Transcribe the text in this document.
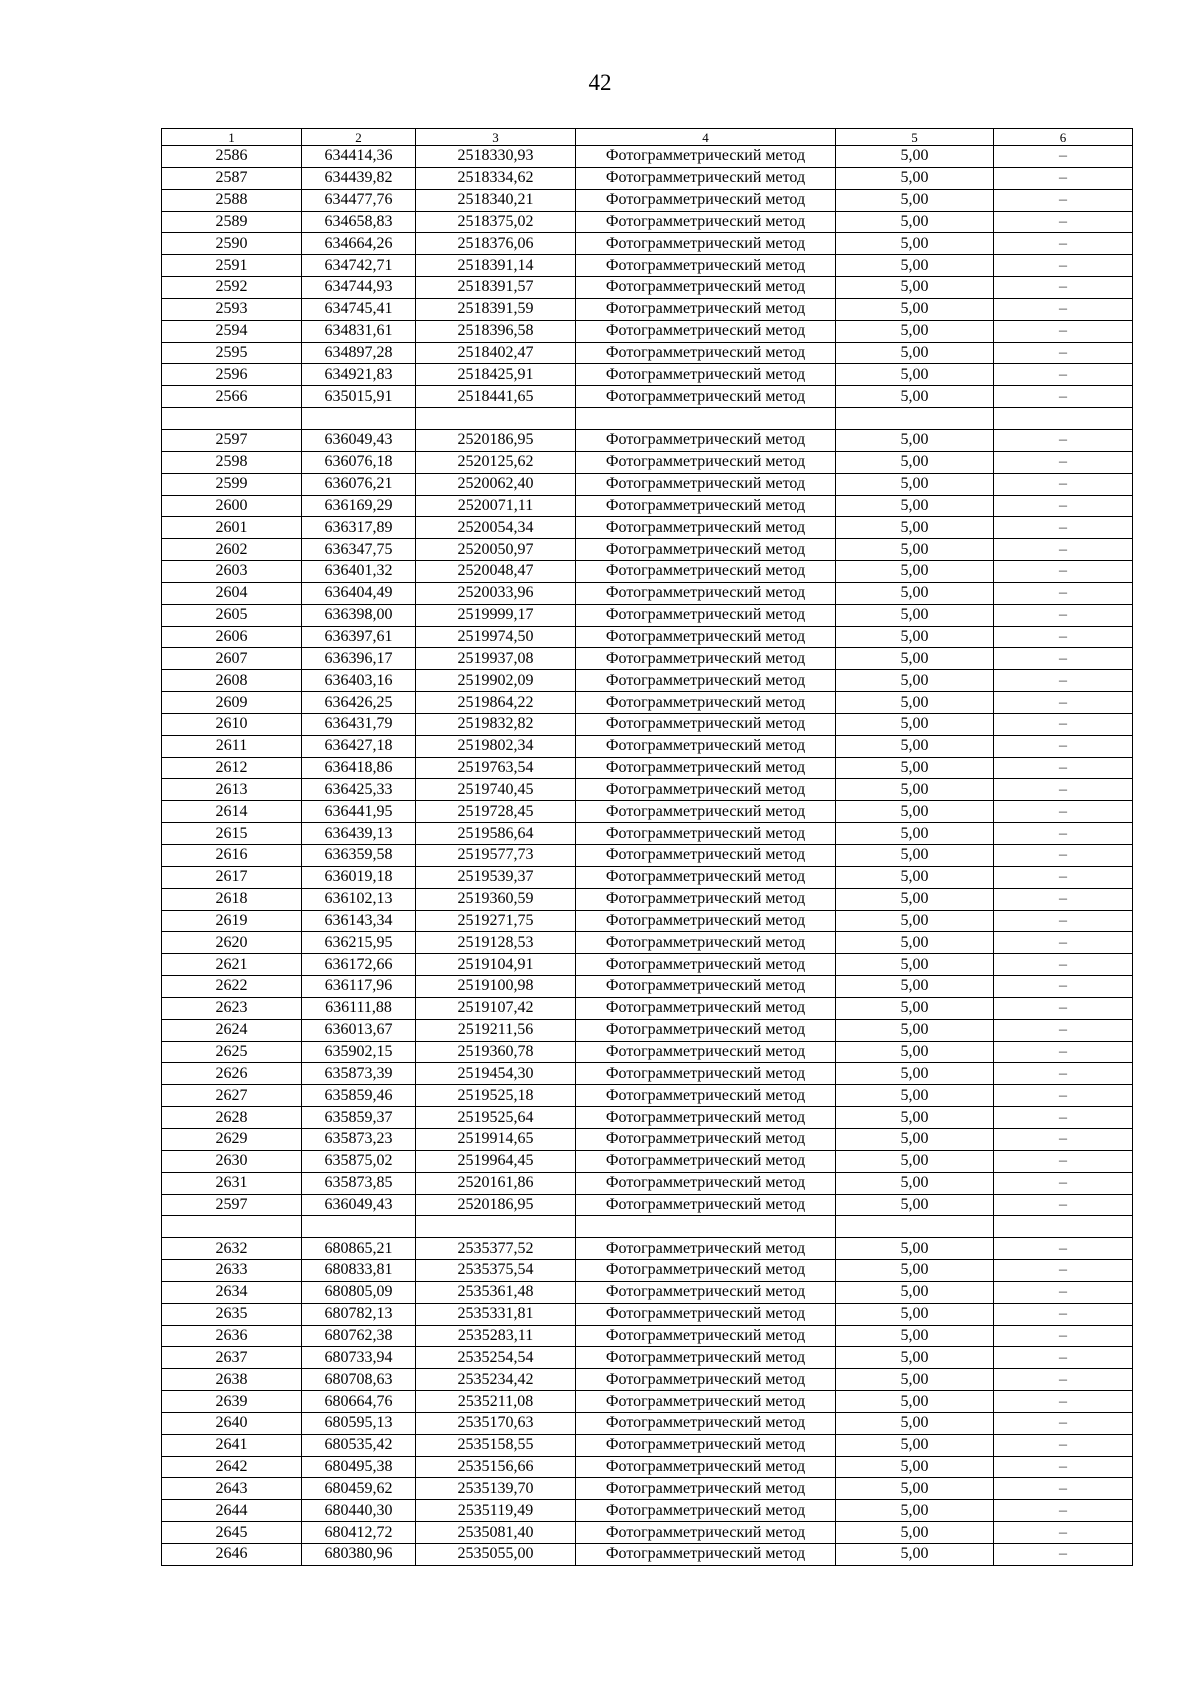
42
1	2	3	4	5	6
2586	634414,36	2518330,93	Фотограмметрический метод	5,00	–
2587	634439,82	2518334,62	Фотограмметрический метод	5,00	–
2588	634477,76	2518340,21	Фотограмметрический метод	5,00	–
2589	634658,83	2518375,02	Фотограмметрический метод	5,00	–
2590	634664,26	2518376,06	Фотограмметрический метод	5,00	–
2591	634742,71	2518391,14	Фотограмметрический метод	5,00	–
2592	634744,93	2518391,57	Фотограмметрический метод	5,00	–
2593	634745,41	2518391,59	Фотограмметрический метод	5,00	–
2594	634831,61	2518396,58	Фотограмметрический метод	5,00	–
2595	634897,28	2518402,47	Фотограмметрический метод	5,00	–
2596	634921,83	2518425,91	Фотограмметрический метод	5,00	–
2566	635015,91	2518441,65	Фотограмметрический метод	5,00	–

2597	636049,43	2520186,95	Фотограмметрический метод	5,00	–
2598	636076,18	2520125,62	Фотограмметрический метод	5,00	–
2599	636076,21	2520062,40	Фотограмметрический метод	5,00	–
2600	636169,29	2520071,11	Фотограмметрический метод	5,00	–
2601	636317,89	2520054,34	Фотограмметрический метод	5,00	–
2602	636347,75	2520050,97	Фотограмметрический метод	5,00	–
2603	636401,32	2520048,47	Фотограмметрический метод	5,00	–
2604	636404,49	2520033,96	Фотограмметрический метод	5,00	–
2605	636398,00	2519999,17	Фотограмметрический метод	5,00	–
2606	636397,61	2519974,50	Фотограмметрический метод	5,00	–
2607	636396,17	2519937,08	Фотограмметрический метод	5,00	–
2608	636403,16	2519902,09	Фотограмметрический метод	5,00	–
2609	636426,25	2519864,22	Фотограмметрический метод	5,00	–
2610	636431,79	2519832,82	Фотограмметрический метод	5,00	–
2611	636427,18	2519802,34	Фотограмметрический метод	5,00	–
2612	636418,86	2519763,54	Фотограмметрический метод	5,00	–
2613	636425,33	2519740,45	Фотограмметрический метод	5,00	–
2614	636441,95	2519728,45	Фотограмметрический метод	5,00	–
2615	636439,13	2519586,64	Фотограмметрический метод	5,00	–
2616	636359,58	2519577,73	Фотограмметрический метод	5,00	–
2617	636019,18	2519539,37	Фотограмметрический метод	5,00	–
2618	636102,13	2519360,59	Фотограмметрический метод	5,00	–
2619	636143,34	2519271,75	Фотограмметрический метод	5,00	–
2620	636215,95	2519128,53	Фотограмметрический метод	5,00	–
2621	636172,66	2519104,91	Фотограмметрический метод	5,00	–
2622	636117,96	2519100,98	Фотограмметрический метод	5,00	–
2623	636111,88	2519107,42	Фотограмметрический метод	5,00	–
2624	636013,67	2519211,56	Фотограмметрический метод	5,00	–
2625	635902,15	2519360,78	Фотограмметрический метод	5,00	–
2626	635873,39	2519454,30	Фотограмметрический метод	5,00	–
2627	635859,46	2519525,18	Фотограмметрический метод	5,00	–
2628	635859,37	2519525,64	Фотограмметрический метод	5,00	–
2629	635873,23	2519914,65	Фотограмметрический метод	5,00	–
2630	635875,02	2519964,45	Фотограмметрический метод	5,00	–
2631	635873,85	2520161,86	Фотограмметрический метод	5,00	–
2597	636049,43	2520186,95	Фотограмметрический метод	5,00	–

2632	680865,21	2535377,52	Фотограмметрический метод	5,00	–
2633	680833,81	2535375,54	Фотограмметрический метод	5,00	–
2634	680805,09	2535361,48	Фотограмметрический метод	5,00	–
2635	680782,13	2535331,81	Фотограмметрический метод	5,00	–
2636	680762,38	2535283,11	Фотограмметрический метод	5,00	–
2637	680733,94	2535254,54	Фотограмметрический метод	5,00	–
2638	680708,63	2535234,42	Фотограмметрический метод	5,00	–
2639	680664,76	2535211,08	Фотограмметрический метод	5,00	–
2640	680595,13	2535170,63	Фотограмметрический метод	5,00	–
2641	680535,42	2535158,55	Фотограмметрический метод	5,00	–
2642	680495,38	2535156,66	Фотограмметрический метод	5,00	–
2643	680459,62	2535139,70	Фотограмметрический метод	5,00	–
2644	680440,30	2535119,49	Фотограмметрический метод	5,00	–
2645	680412,72	2535081,40	Фотограмметрический метод	5,00	–
2646	680380,96	2535055,00	Фотограмметрический метод	5,00	–
